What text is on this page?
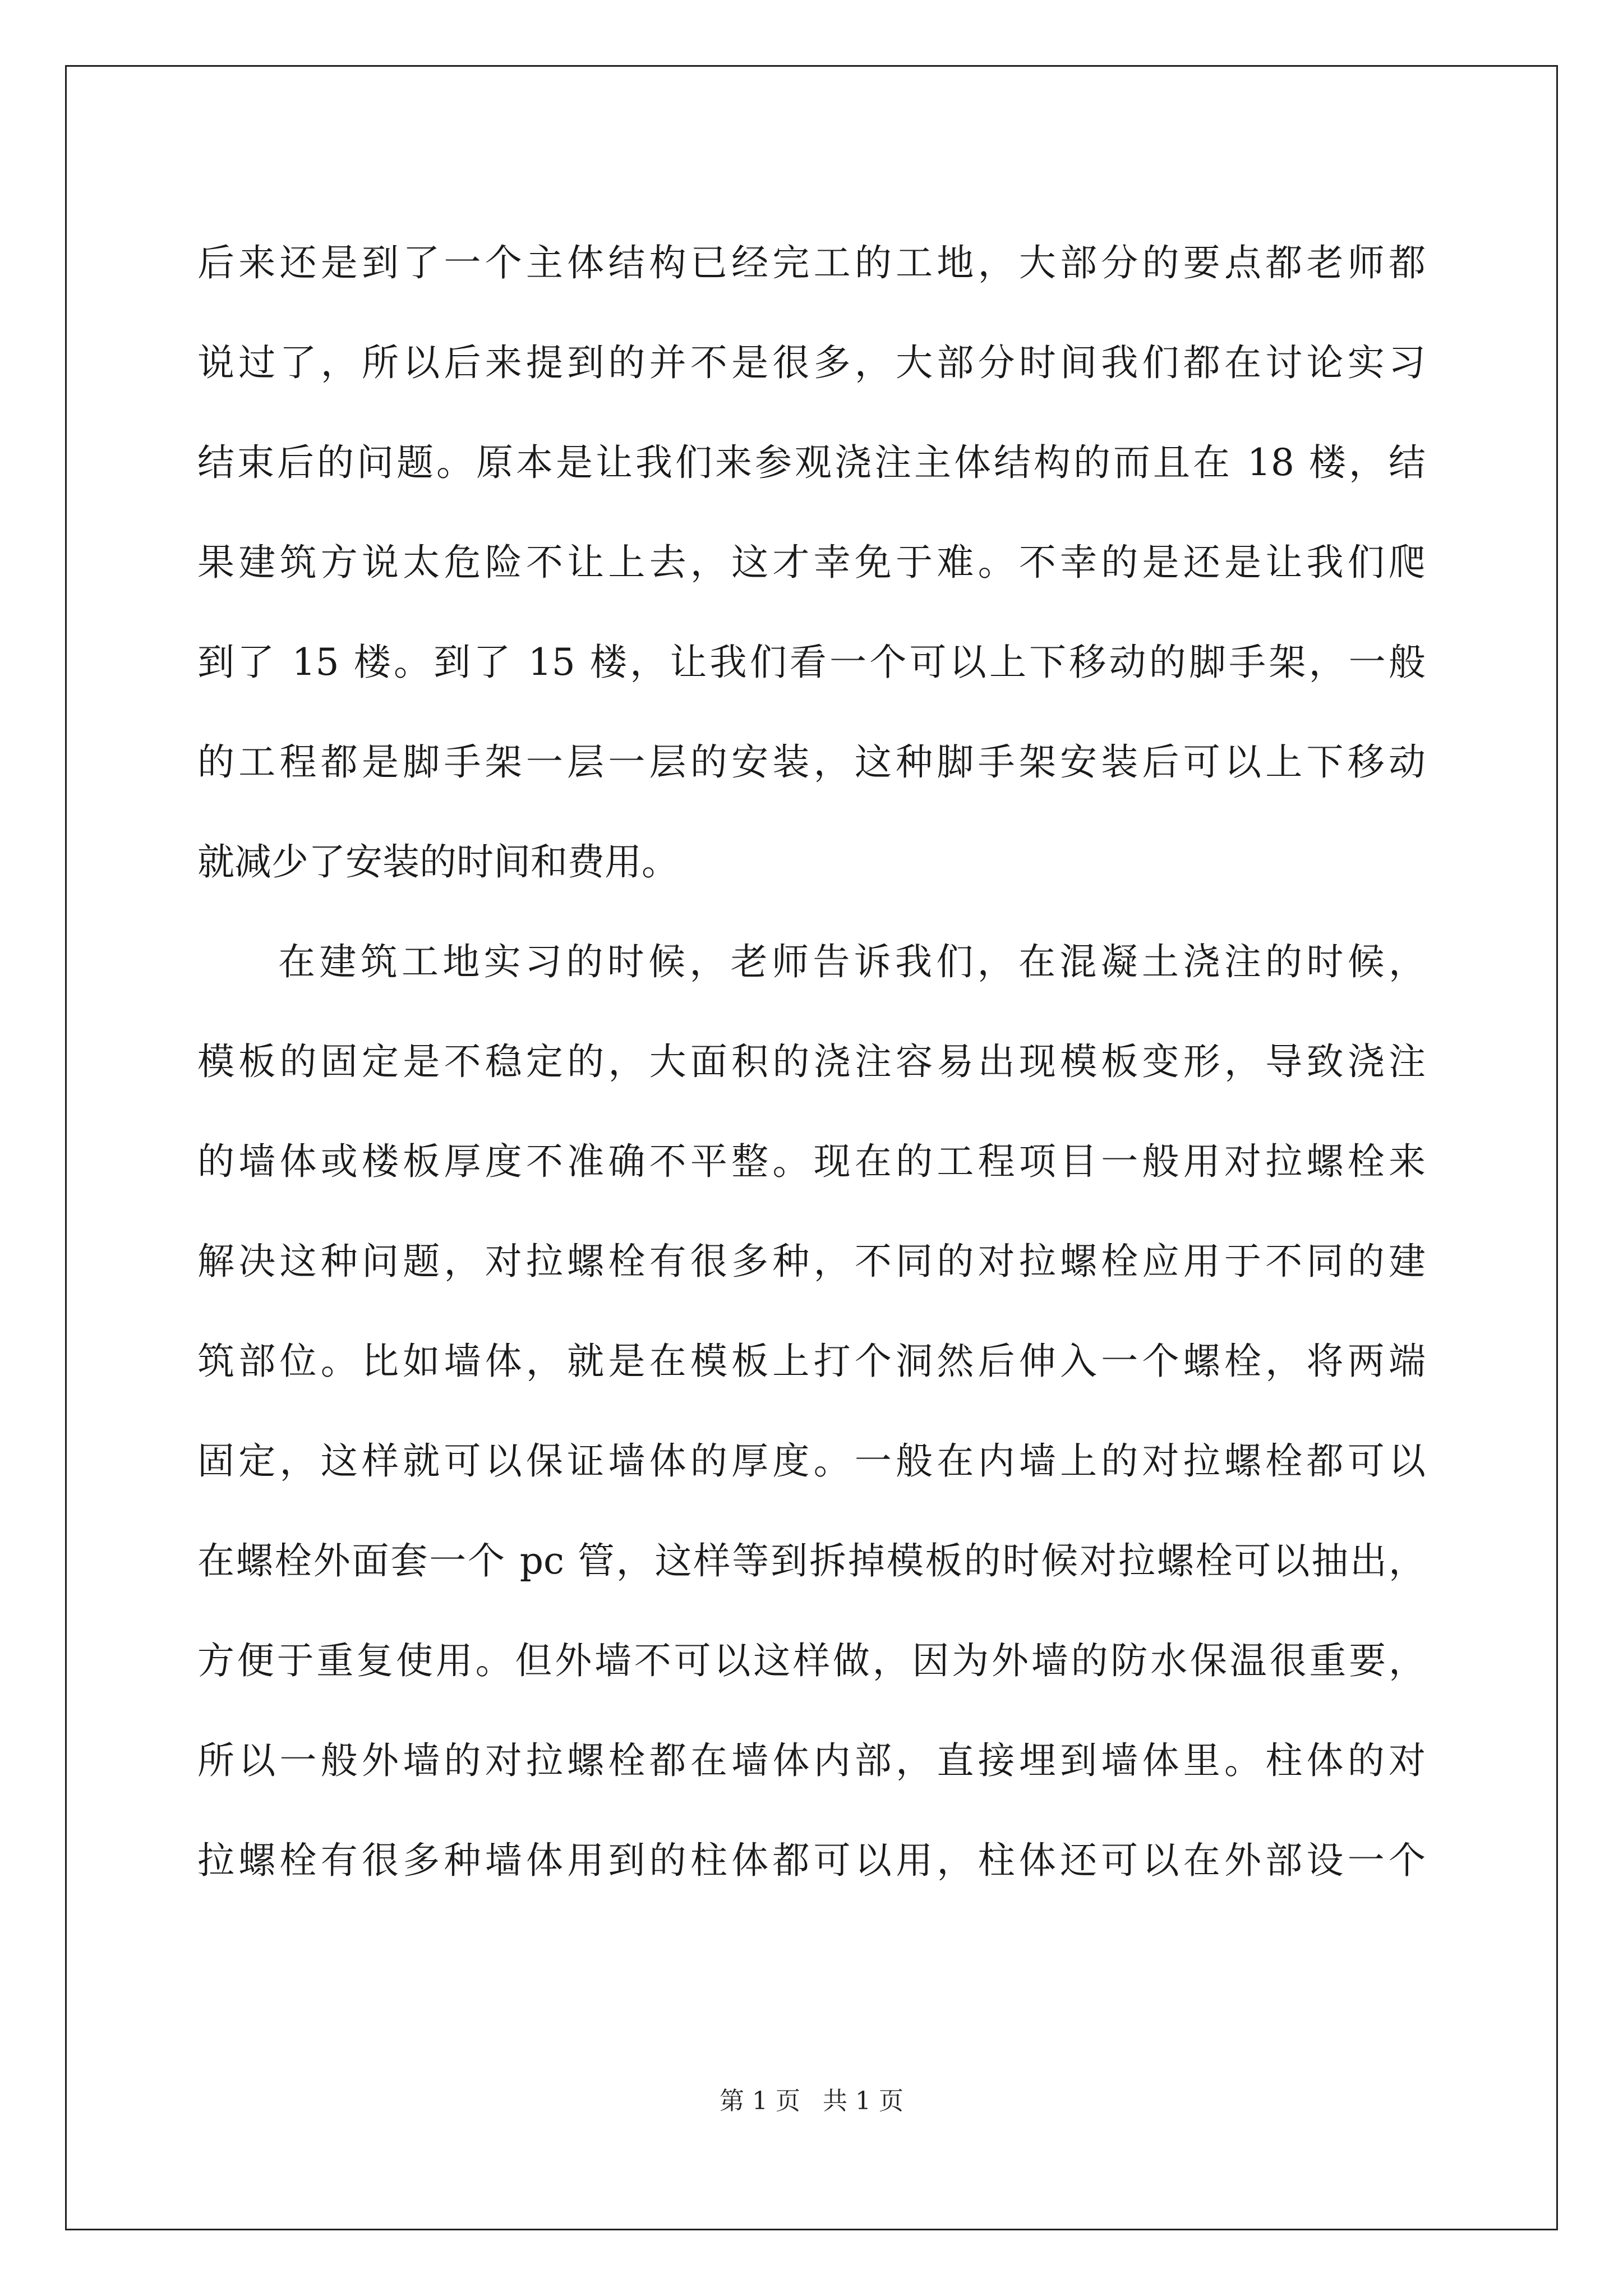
后来还是到了一个主体结构已经完工的工地，大部分的要点都老师都
说过了，所以后来提到的并不是很多，大部分时间我们都在讨论实习
结束后的问题。原本是让我们来参观浇注主体结构的而且在 18 楼，结
果建筑方说太危险不让上去，这才幸免于难。不幸的是还是让我们爬
到了 15 楼。到了 15 楼，让我们看一个可以上下移动的脚手架，一般
的工程都是脚手架一层一层的安装，这种脚手架安装后可以上下移动
就减少了安装的时间和费用。
在建筑工地实习的时候，老师告诉我们，在混凝土浇注的时候，
模板的固定是不稳定的，大面积的浇注容易出现模板变形，导致浇注
的墙体或楼板厚度不准确不平整。现在的工程项目一般用对拉螺栓来
解决这种问题，对拉螺栓有很多种，不同的对拉螺栓应用于不同的建
筑部位。比如墙体，就是在模板上打个洞然后伸入一个螺栓，将两端
固定，这样就可以保证墙体的厚度。一般在内墙上的对拉螺栓都可以
在螺栓外面套一个 pc 管，这样等到拆掉模板的时候对拉螺栓可以抽出，
方便于重复使用。但外墙不可以这样做，因为外墙的防水保温很重要，
所以一般外墙的对拉螺栓都在墙体内部，直接埋到墙体里。柱体的对
拉螺栓有很多种墙体用到的柱体都可以用，柱体还可以在外部设一个
第 1 页 共 1 页
